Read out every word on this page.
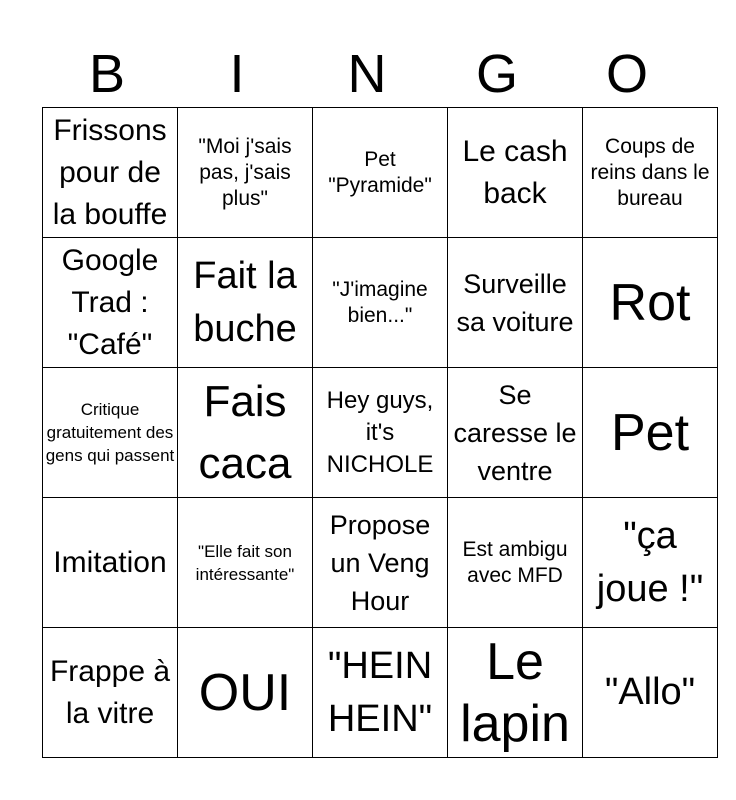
B	I	N	G	O
Frissons pour de la bouffe	"Moi j'sais pas, j'sais plus"	Pet "Pyramide"	Le cash back	Coups de reins dans le bureau

Google Trad : "Café"	Fait la buche	"J'imagine bien..."	Surveille sa voiture	Rot

Critique gratuitement des gens qui passent	Fais caca	Hey guys, it's NICHOLE	Se caresse le ventre	Pet

Imitation	"Elle fait son intéressante"	Propose un Veng Hour	Est ambigu avec MFD	"ça joue !"

Frappe à la vitre	OUI	"HEIN HEIN"	Le lapin	"Allo"
